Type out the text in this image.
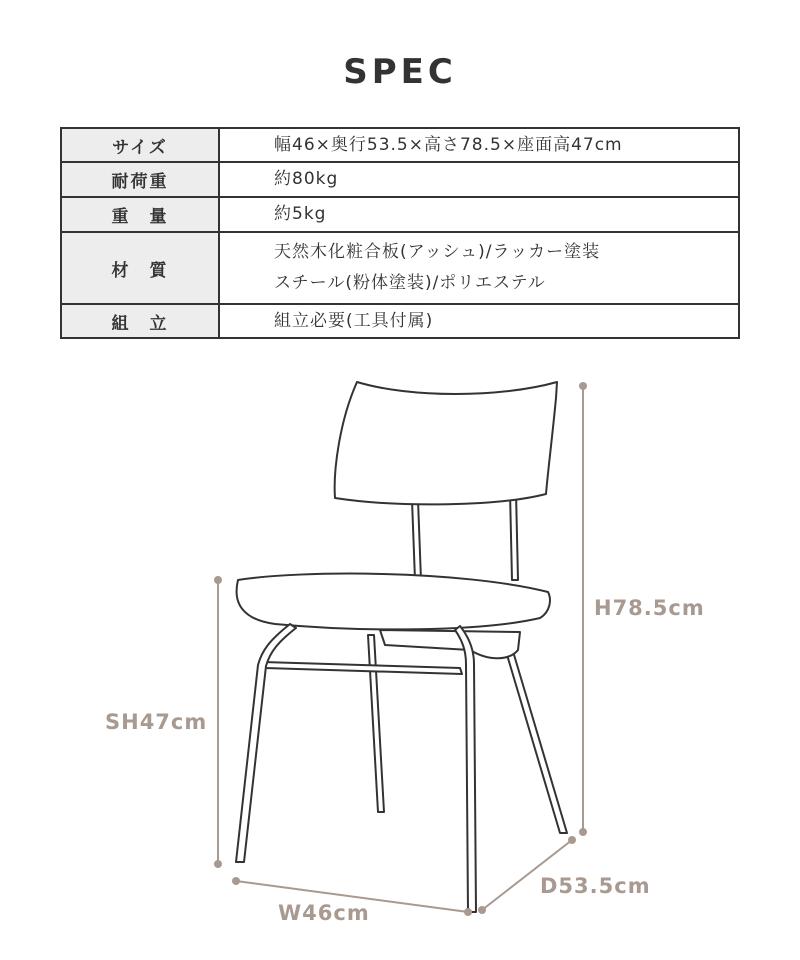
SPEC
サイズ	幅46×奥行53.5×高さ78.5×座面高47cm

耐荷重	約80kg

重　量	約5kg

材　質	天然木化粧合板(アッシュ)/ラッカー塗装
スチール(粉体塗装)/ポリエステル

組　立	組立必要(工具付属)
H78.5cm
SH47cm
W46cm
D53.5cm
